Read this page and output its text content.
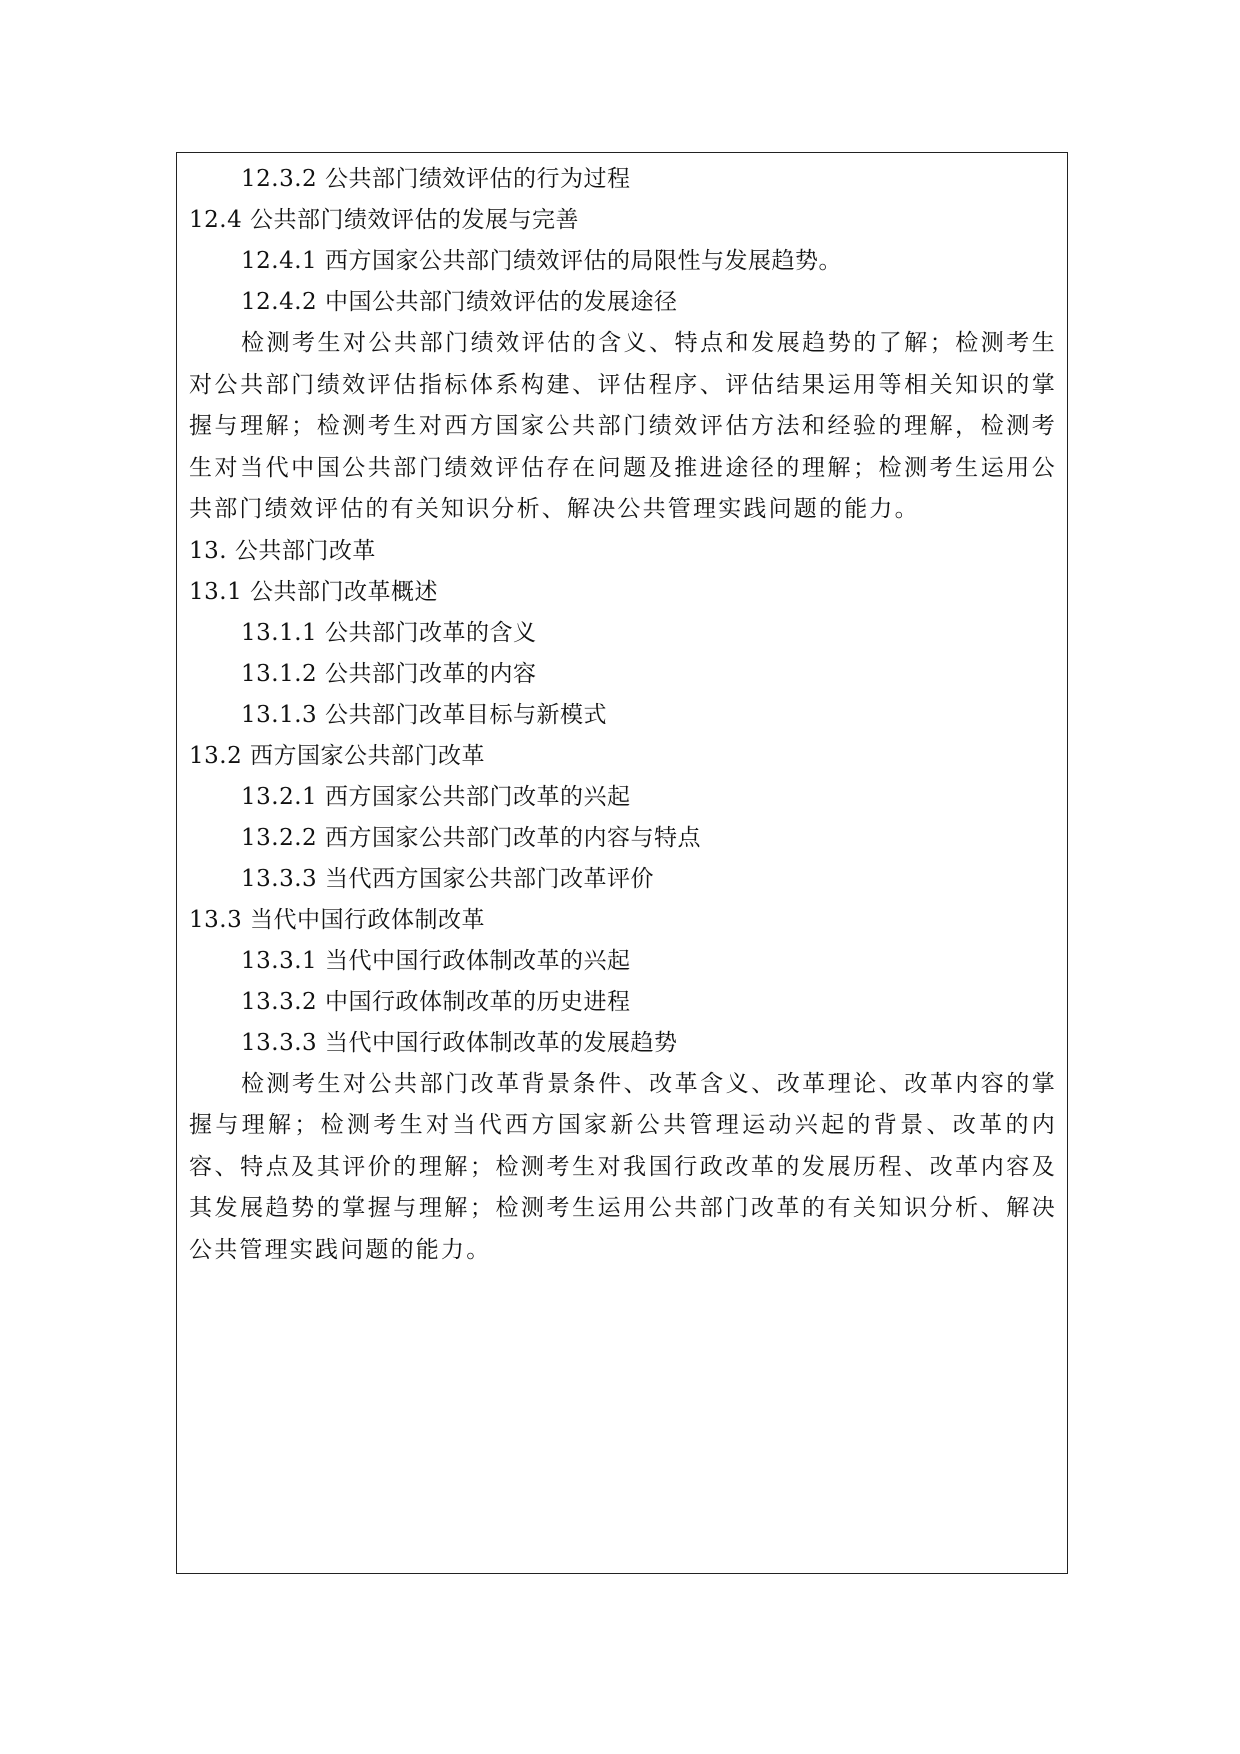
12.3.2 公共部门绩效评估的行为过程
12.4 公共部门绩效评估的发展与完善
12.4.1 西方国家公共部门绩效评估的局限性与发展趋势。
12.4.2 中国公共部门绩效评估的发展途径
检测考生对公共部门绩效评估的含义、特点和发展趋势的了解；检测考生对公共部门绩效评估指标体系构建、评估程序、评估结果运用等相关知识的掌握与理解；检测考生对西方国家公共部门绩效评估方法和经验的理解，检测考生对当代中国公共部门绩效评估存在问题及推进途径的理解；检测考生运用公共部门绩效评估的有关知识分析、解决公共管理实践问题的能力。
13. 公共部门改革
13.1 公共部门改革概述
13.1.1 公共部门改革的含义
13.1.2 公共部门改革的内容
13.1.3 公共部门改革目标与新模式
13.2 西方国家公共部门改革
13.2.1 西方国家公共部门改革的兴起
13.2.2 西方国家公共部门改革的内容与特点
13.3.3 当代西方国家公共部门改革评价
13.3 当代中国行政体制改革
13.3.1 当代中国行政体制改革的兴起
13.3.2 中国行政体制改革的历史进程
13.3.3 当代中国行政体制改革的发展趋势
检测考生对公共部门改革背景条件、改革含义、改革理论、改革内容的掌握与理解；检测考生对当代西方国家新公共管理运动兴起的背景、改革的内容、特点及其评价的理解；检测考生对我国行政改革的发展历程、改革内容及其发展趋势的掌握与理解；检测考生运用公共部门改革的有关知识分析、解决公共管理实践问题的能力。
